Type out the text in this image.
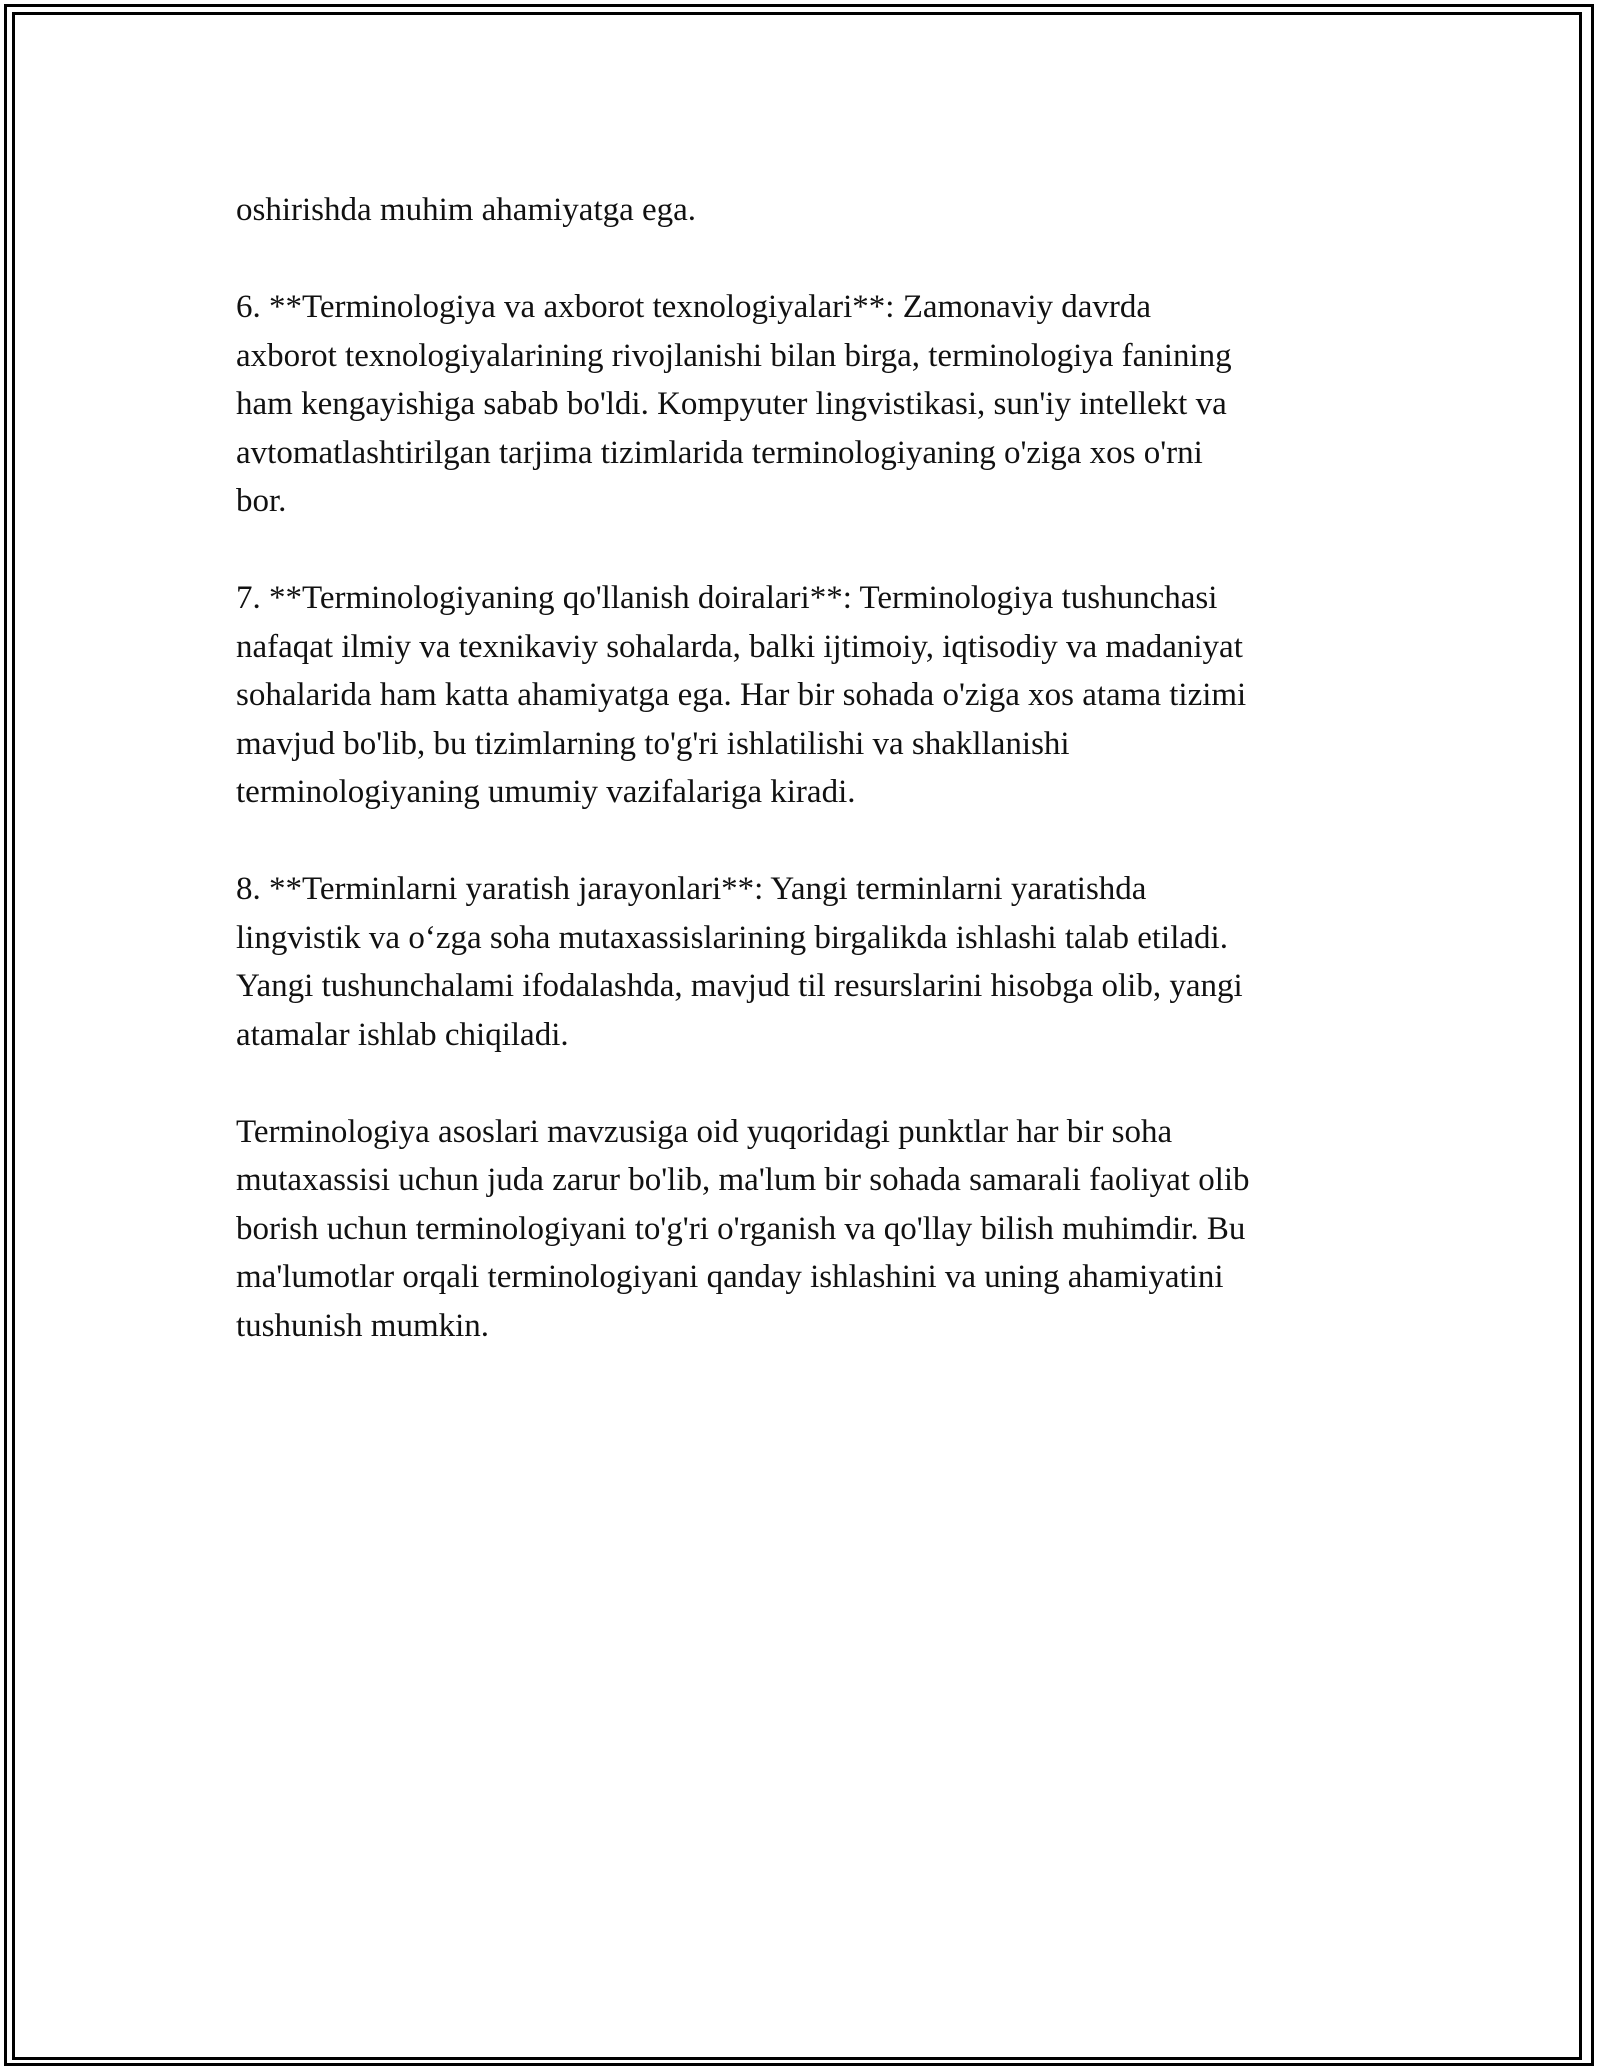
oshirishda muhim ahamiyatga ega.

6. **Terminologiya va axborot texnologiyalari**: Zamonaviy davrda
axborot texnologiyalarining rivojlanishi bilan birga, terminologiya fanining
ham kengayishiga sabab bo'ldi. Kompyuter lingvistikasi, sun'iy intellekt va
avtomatlashtirilgan tarjima tizimlarida terminologiyaning o'ziga xos o'rni
bor.

7. **Terminologiyaning qo'llanish doiralari**: Terminologiya tushunchasi
nafaqat ilmiy va texnikaviy sohalarda, balki ijtimoiy, iqtisodiy va madaniyat
sohalarida ham katta ahamiyatga ega. Har bir sohada o'ziga xos atama tizimi
mavjud bo'lib, bu tizimlarning to'g'ri ishlatilishi va shakllanishi
terminologiyaning umumiy vazifalariga kiradi.

8. **Terminlarni yaratish jarayonlari**: Yangi terminlarni yaratishda
lingvistik va o‘zga soha mutaxassislarining birgalikda ishlashi talab etiladi.
Yangi tushunchalami ifodalashda, mavjud til resurslarini hisobga olib, yangi
atamalar ishlab chiqiladi.

Terminologiya asoslari mavzusiga oid yuqoridagi punktlar har bir soha
mutaxassisi uchun juda zarur bo'lib, ma'lum bir sohada samarali faoliyat olib
borish uchun terminologiyani to'g'ri o'rganish va qo'llay bilish muhimdir. Bu
ma'lumotlar orqali terminologiyani qanday ishlashini va uning ahamiyatini
tushunish mumkin.
